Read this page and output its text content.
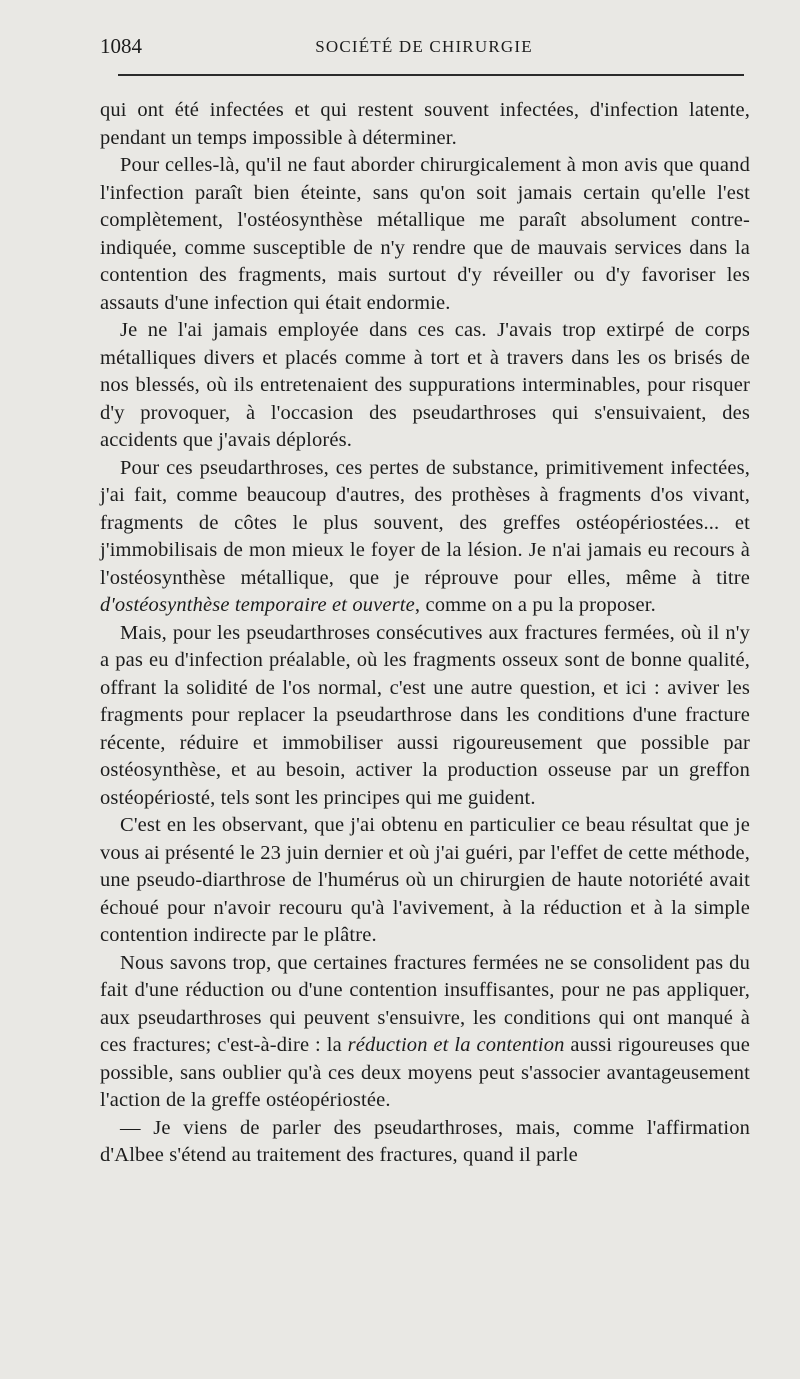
1084	SOCIÉTÉ DE CHIRURGIE

qui ont été infectées et qui restent souvent infectées, d'infection latente, pendant un temps impossible à déterminer.

Pour celles-là, qu'il ne faut aborder chirurgicalement à mon avis que quand l'infection paraît bien éteinte, sans qu'on soit jamais certain qu'elle l'est complètement, l'ostéosynthèse métallique me paraît absolument contre-indiquée, comme susceptible de n'y rendre que de mauvais services dans la contention des fragments, mais surtout d'y réveiller ou d'y favoriser les assauts d'une infection qui était endormie.

Je ne l'ai jamais employée dans ces cas. J'avais trop extirpé de corps métalliques divers et placés comme à tort et à travers dans les os brisés de nos blessés, où ils entretenaient des suppurations interminables, pour risquer d'y provoquer, à l'occasion des pseudarthroses qui s'ensuivaient, des accidents que j'avais déplorés.

Pour ces pseudarthroses, ces pertes de substance, primitivement infectées, j'ai fait, comme beaucoup d'autres, des prothèses à fragments d'os vivant, fragments de côtes le plus souvent, des greffes ostéopériostées... et j'immobilisais de mon mieux le foyer de la lésion. Je n'ai jamais eu recours à l'ostéosynthèse métallique, que je réprouve pour elles, même à titre d'ostéosynthèse temporaire et ouverte, comme on a pu la proposer.

Mais, pour les pseudarthroses consécutives aux fractures fermées, où il n'y a pas eu d'infection préalable, où les fragments osseux sont de bonne qualité, offrant la solidité de l'os normal, c'est une autre question, et ici : aviver les fragments pour replacer la pseudarthrose dans les conditions d'une fracture récente, réduire et immobiliser aussi rigoureusement que possible par ostéosynthèse, et au besoin, activer la production osseuse par un greffon ostéopériosté, tels sont les principes qui me guident.

C'est en les observant, que j'ai obtenu en particulier ce beau résultat que je vous ai présenté le 23 juin dernier et où j'ai guéri, par l'effet de cette méthode, une pseudo-diarthrose de l'humérus où un chirurgien de haute notoriété avait échoué pour n'avoir recouru qu'à l'avivement, à la réduction et à la simple contention indirecte par le plâtre.

Nous savons trop, que certaines fractures fermées ne se consolident pas du fait d'une réduction ou d'une contention insuffisantes, pour ne pas appliquer, aux pseudarthroses qui peuvent s'ensuivre, les conditions qui ont manqué à ces fractures; c'est-à-dire : la réduction et la contention aussi rigoureuses que possible, sans oublier qu'à ces deux moyens peut s'associer avantageusement l'action de la greffe ostéopériostée.

— Je viens de parler des pseudarthroses, mais, comme l'affirmation d'Albee s'étend au traitement des fractures, quand il parle
